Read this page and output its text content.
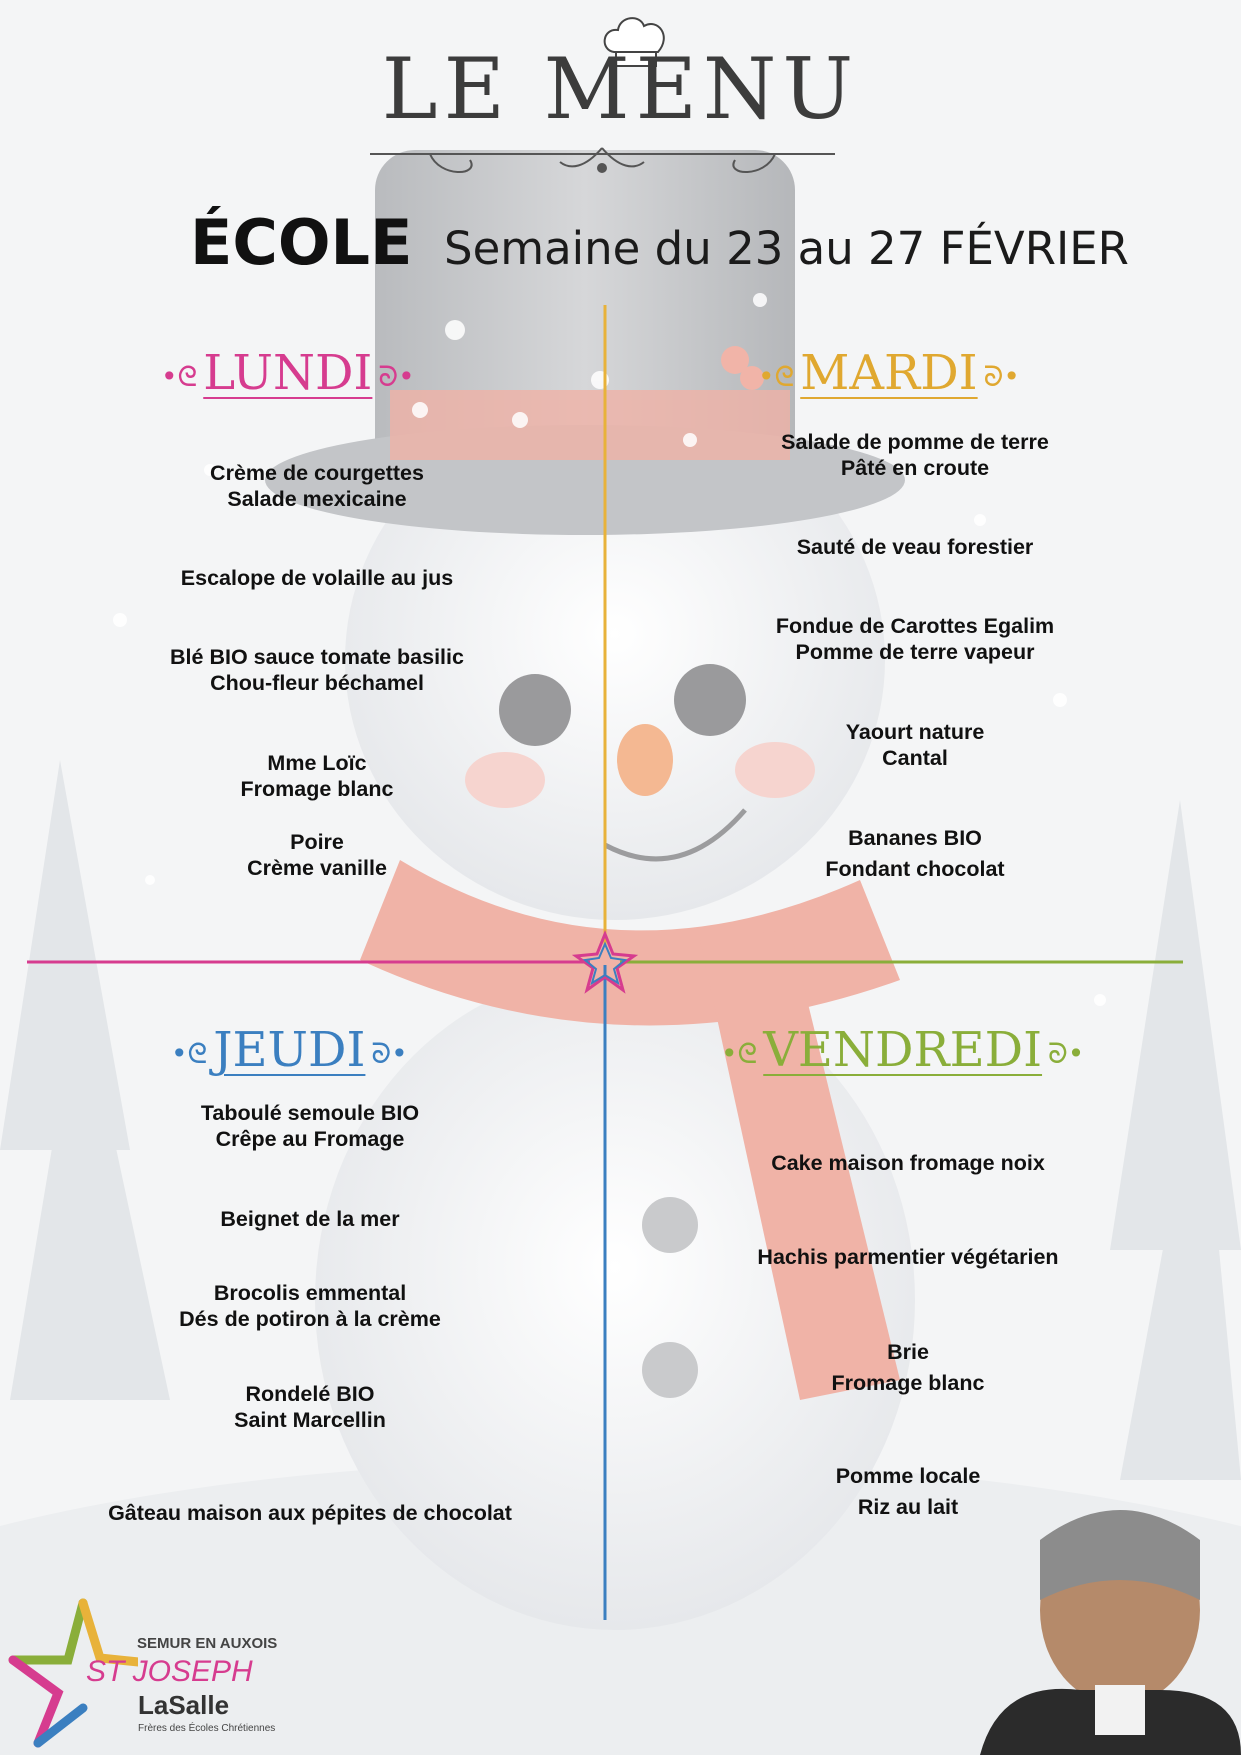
LE MENU
ÉCOLE Semaine du 23 au 27 FÉVRIER
•ᘓ LUNDI ᘐ•	•ᘓ MARDI ᘐ•
•ᘓ JEUDI ᘐ•	•ᘓ VENDREDI ᘐ•
Crème de courgettes
Salade mexicaine
Escalope de volaille au jus
Blé BIO sauce tomate basilic
Chou-fleur béchamel
Mme Loïc
Fromage blanc
Poire
Crème vanille
Salade de pomme de terre
Pâté en croute
Sauté de veau forestier
Fondue de Carottes Egalim
Pomme de terre vapeur
Yaourt nature
Cantal
Bananes BIO
Fondant chocolat
Taboulé semoule BIO
Crêpe au Fromage
Beignet de la mer
Brocolis emmental
Dés de potiron à la crème
Rondelé BIO
Saint Marcellin
Gâteau maison aux pépites de chocolat
Cake maison fromage noix
Hachis parmentier végétarien
Brie
Fromage blanc
Pomme locale
Riz au lait
SEMUR EN AUXOIS
ST JOSEPH
LaSalle
Frères des Écoles Chrétiennes
